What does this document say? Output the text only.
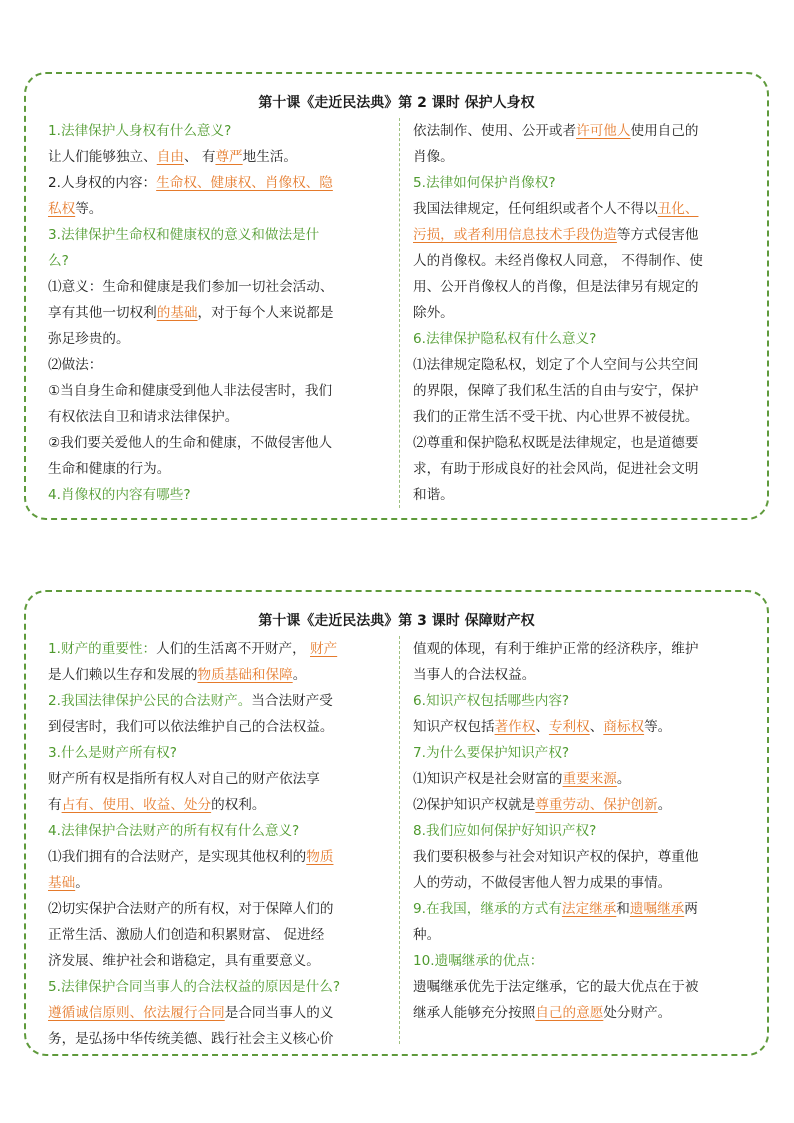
第十课《走近民法典》第 2 课时 保护人身权
1.法律保护人身权有什么意义?
让人们能够独立、自由、 有尊严地生活。
2.人身权的内容：生命权、健康权、肖像权、隐
私权等。
3.法律保护生命权和健康权的意义和做法是什
么?
⑴意义：生命和健康是我们参加一切社会活动、
享有其他一切权利的基础，对于每个人来说都是
弥足珍贵的。
⑵做法：
①当自身生命和健康受到他人非法侵害时，我们
有权依法自卫和请求法律保护。
②我们要关爱他人的生命和健康，不做侵害他人
生命和健康的行为。
4.肖像权的内容有哪些?
依法制作、使用、公开或者许可他人使用自己的
肖像。
5.法律如何保护肖像权?
我国法律规定，任何组织或者个人不得以丑化、
污损，或者利用信息技术手段伪造等方式侵害他
人的肖像权。未经肖像权人同意， 不得制作、使
用、公开肖像权人的肖像，但是法律另有规定的
除外。
6.法律保护隐私权有什么意义?
⑴法律规定隐私权，划定了个人空间与公共空间
的界限，保障了我们私生活的自由与安宁，保护
我们的正常生活不受干扰、内心世界不被侵扰。
⑵尊重和保护隐私权既是法律规定，也是道德要
求，有助于形成良好的社会风尚，促进社会文明
和谐。
第十课《走近民法典》第 3 课时 保障财产权
1.财产的重要性：人们的生活离不开财产， 财产
是人们赖以生存和发展的物质基础和保障。
2.我国法律保护公民的合法财产。当合法财产受
到侵害时，我们可以依法维护自己的合法权益。
3.什么是财产所有权?
财产所有权是指所有权人对自己的财产依法享
有占有、使用、收益、处分的权利。
4.法律保护合法财产的所有权有什么意义?
⑴我们拥有的合法财产，是实现其他权利的物质
基础。
⑵切实保护合法财产的所有权，对于保障人们的
正常生活、激励人们创造和积累财富、 促进经
济发展、维护社会和谐稳定，具有重要意义。
5.法律保护合同当事人的合法权益的原因是什么?
遵循诚信原则、依法履行合同是合同当事人的义
务，是弘扬中华传统美德、践行社会主义核心价
值观的体现，有利于维护正常的经济秩序，维护
当事人的合法权益。
6.知识产权包括哪些内容?
知识产权包括著作权、专利权、商标权等。
7.为什么要保护知识产权?
⑴知识产权是社会财富的重要来源。
⑵保护知识产权就是尊重劳动、保护创新。
8.我们应如何保护好知识产权?
我们要积极参与社会对知识产权的保护，尊重他
人的劳动，不做侵害他人智力成果的事情。
9.在我国，继承的方式有法定继承和遗嘱继承两
种。
10.遗嘱继承的优点：
遗嘱继承优先于法定继承，它的最大优点在于被
继承人能够充分按照自己的意愿处分财产。
